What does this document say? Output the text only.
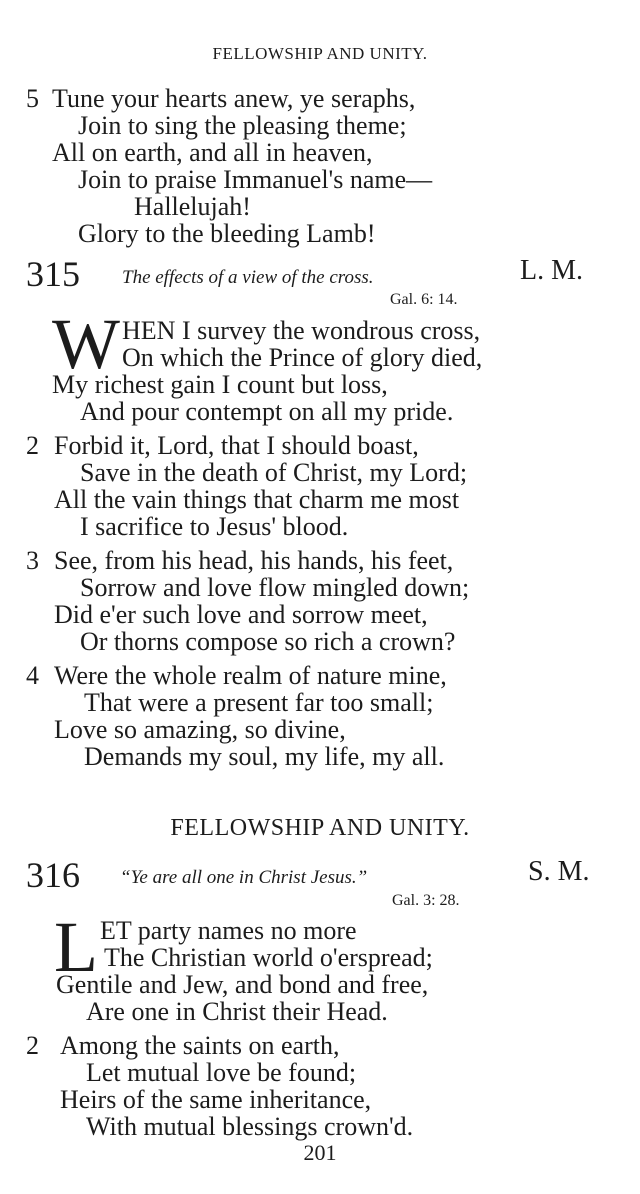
FELLOWSHIP AND UNITY.
5 Tune your hearts anew, ye seraphs,
Join to sing the pleasing theme;
All on earth, and all in heaven,
Join to praise Immanuel's name—
Hallelujah!
Glory to the bleeding Lamb!
315 The effects of a view of the cross.	L. M.
Gal. 6: 14.
W HEN I survey the wondrous cross,
On which the Prince of glory died,
My richest gain I count but loss,
And pour contempt on all my pride.
2 Forbid it, Lord, that I should boast,
Save in the death of Christ, my Lord;
All the vain things that charm me most
I sacrifice to Jesus' blood.
3 See, from his head, his hands, his feet,
Sorrow and love flow mingled down;
Did e'er such love and sorrow meet,
Or thorns compose so rich a crown?
4 Were the whole realm of nature mine,
That were a present far too small;
Love so amazing, so divine,
Demands my soul, my life, my all.
FELLOWSHIP AND UNITY.
316 “Ye are all one in Christ Jesus.”	S. M.
Gal. 3: 28.
L ET party names no more
The Christian world o'erspread;
Gentile and Jew, and bond and free,
Are one in Christ their Head.
2 Among the saints on earth,
Let mutual love be found;
Heirs of the same inheritance,
With mutual blessings crown'd.
201
